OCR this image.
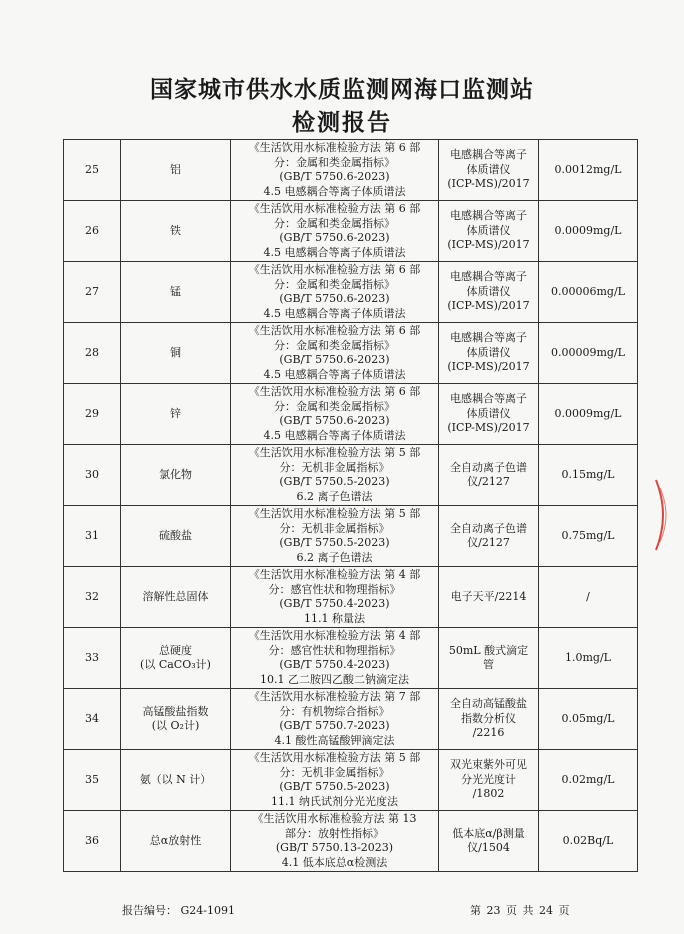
国家城市供水水质监测网海口监测站
检测报告
25	铝	《生活饮用水标准检验方法 第 6 部
分：金属和类金属指标》
(GB/T 5750.6-2023)
4.5 电感耦合等离子体质谱法	电感耦合等离子
体质谱仪
(ICP-MS)/2017	0.0012mg/L
26	铁	《生活饮用水标准检验方法 第 6 部
分：金属和类金属指标》
(GB/T 5750.6-2023)
4.5 电感耦合等离子体质谱法	电感耦合等离子
体质谱仪
(ICP-MS)/2017	0.0009mg/L
27	锰	《生活饮用水标准检验方法 第 6 部
分：金属和类金属指标》
(GB/T 5750.6-2023)
4.5 电感耦合等离子体质谱法	电感耦合等离子
体质谱仪
(ICP-MS)/2017	0.00006mg/L
28	铜	《生活饮用水标准检验方法 第 6 部
分：金属和类金属指标》
(GB/T 5750.6-2023)
4.5 电感耦合等离子体质谱法	电感耦合等离子
体质谱仪
(ICP-MS)/2017	0.00009mg/L
29	锌	《生活饮用水标准检验方法 第 6 部
分：金属和类金属指标》
(GB/T 5750.6-2023)
4.5 电感耦合等离子体质谱法	电感耦合等离子
体质谱仪
(ICP-MS)/2017	0.0009mg/L
30	氯化物	《生活饮用水标准检验方法 第 5 部
分：无机非金属指标》
(GB/T 5750.5-2023)
6.2 离子色谱法	全自动离子色谱
仪/2127	0.15mg/L
31	硫酸盐	《生活饮用水标准检验方法 第 5 部
分：无机非金属指标》
(GB/T 5750.5-2023)
6.2 离子色谱法	全自动离子色谱
仪/2127	0.75mg/L
32	溶解性总固体	《生活饮用水标准检验方法 第 4 部
分：感官性状和物理指标》
(GB/T 5750.4-2023)
11.1 称量法	电子天平/2214	/
33	总硬度
(以 CaCO₃计)	《生活饮用水标准检验方法 第 4 部
分：感官性状和物理指标》
(GB/T 5750.4-2023)
10.1 乙二胺四乙酸二钠滴定法	50mL 酸式滴定
管	1.0mg/L
34	高锰酸盐指数
(以 O₂计)	《生活饮用水标准检验方法 第 7 部
分：有机物综合指标》
(GB/T 5750.7-2023)
4.1 酸性高锰酸钾滴定法	全自动高锰酸盐
指数分析仪
/2216	0.05mg/L
35	氨（以 N 计）	《生活饮用水标准检验方法 第 5 部
分：无机非金属指标》
(GB/T 5750.5-2023)
11.1 纳氏试剂分光光度法	双光束紫外可见
分光光度计
/1802	0.02mg/L
36	总α放射性	《生活饮用水标准检验方法 第 13
部分：放射性指标》
(GB/T 5750.13-2023)
4.1 低本底总α检测法	低本底α/β测量
仪/1504	0.02Bq/L
报告编号： G24-1091	第 23 页 共 24 页
